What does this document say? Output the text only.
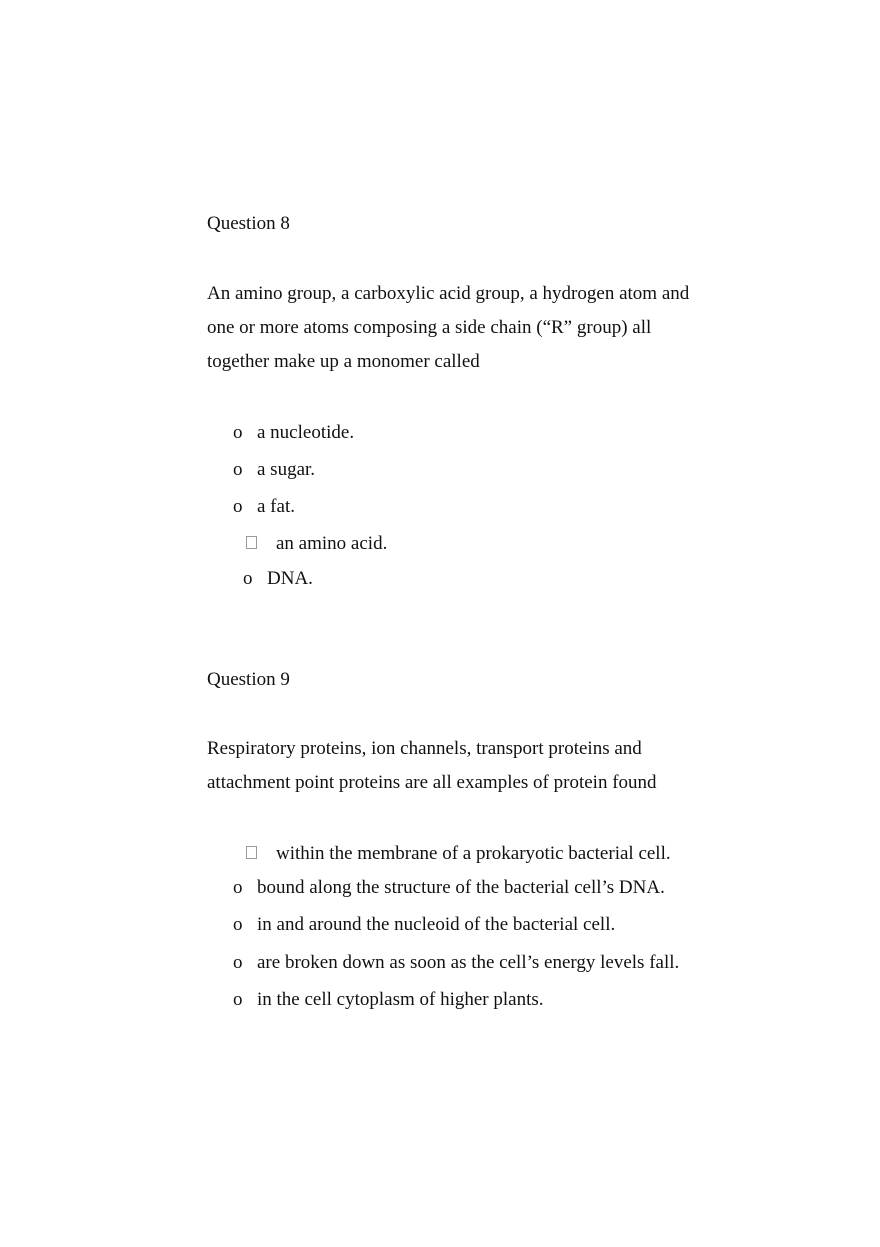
Question 8
An amino group, a carboxylic acid group, a hydrogen atom and
one or more atoms composing a side chain (“R” group) all
together make up a monomer called
o a nucleotide.
o a sugar.
o a fat.
an amino acid.
o DNA.
Question 9
Respiratory proteins, ion channels, transport proteins and
attachment point proteins are all examples of protein found
within the membrane of a prokaryotic bacterial cell.
o bound along the structure of the bacterial cell’s DNA.
o in and around the nucleoid of the bacterial cell.
o are broken down as soon as the cell’s energy levels fall.
o in the cell cytoplasm of higher plants.
